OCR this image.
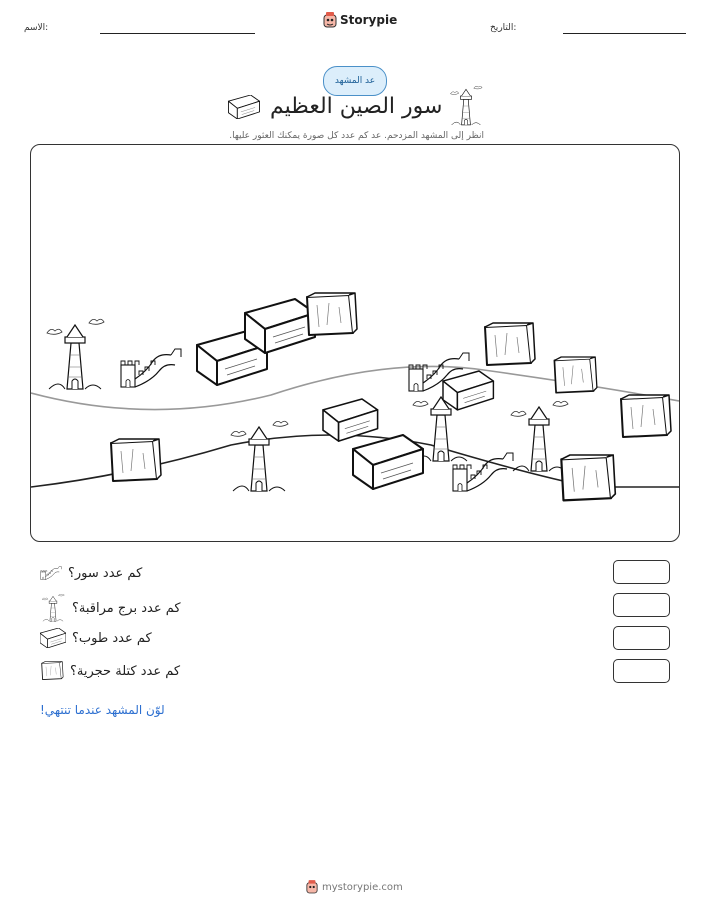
الاسم:
Storypie
التاريخ:
عد المشهد
سور الصين العظيم
انظر إلى المشهد المزدحم. عد كم عدد كل صورة يمكنك العثور عليها.
كم عدد سور؟
كم عدد برج مراقبة؟
كم عدد طوب؟
كم عدد كتلة حجرية؟
لوّن المشهد عندما تنتهي!
mystorypie.com
